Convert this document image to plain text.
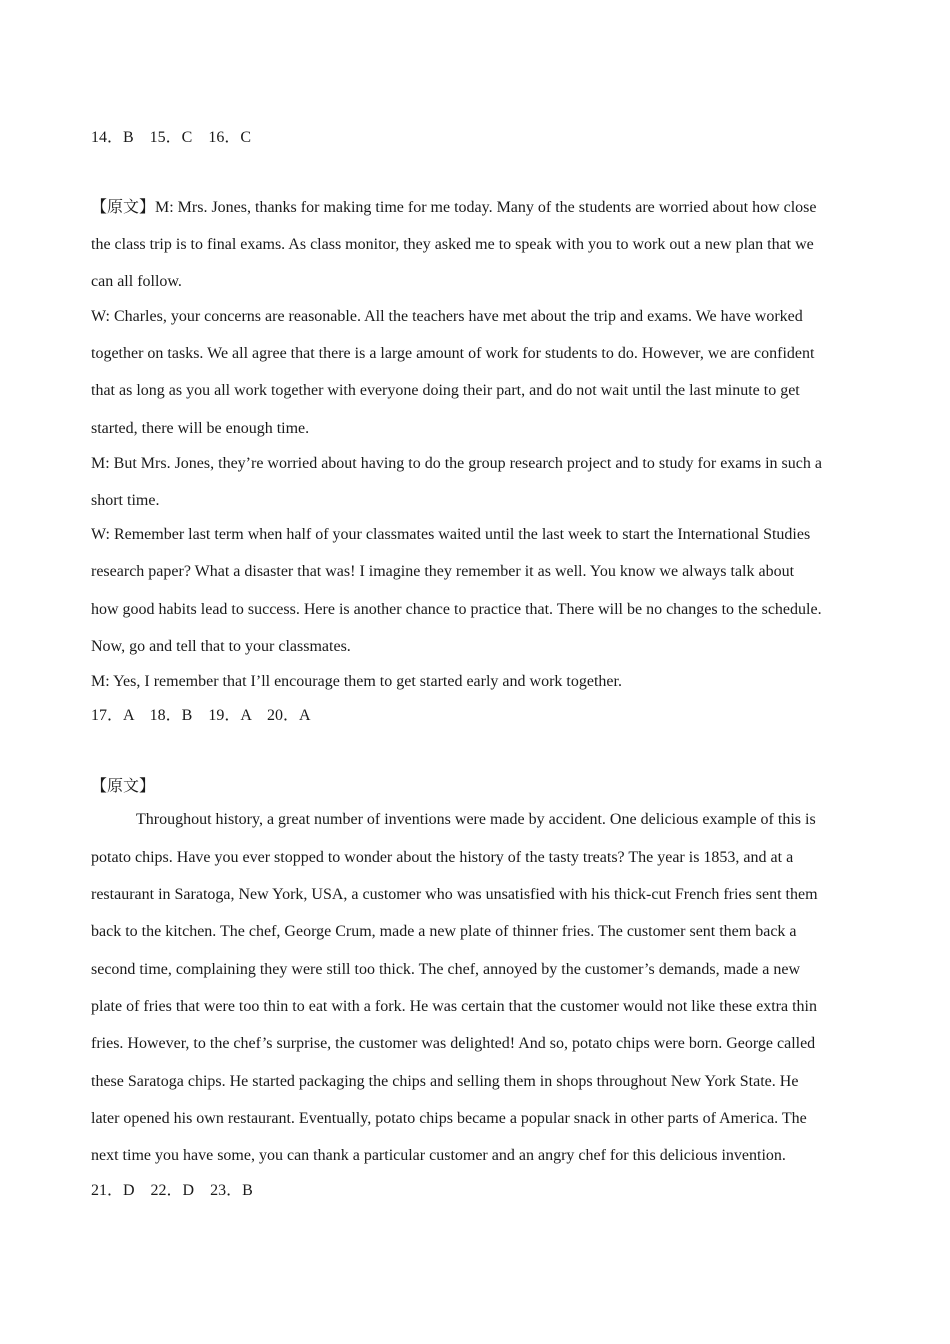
14．B　15．C　16．C

【原文】M: Mrs. Jones, thanks for making time for me today. Many of the students are worried about how close

the class trip is to final exams. As class monitor, they asked me to speak with you to work out a new plan that we

can all follow.

W: Charles, your concerns are reasonable. All the teachers have met about the trip and exams. We have worked

together on tasks. We all agree that there is a large amount of work for students to do. However, we are confident

that as long as you all work together with everyone doing their part, and do not wait until the last minute to get

started, there will be enough time.

M: But Mrs. Jones, they’re worried about having to do the group research project and to study for exams in such a

short time.

W: Remember last term when half of your classmates waited until the last week to start the International Studies

research paper? What a disaster that was! I imagine they remember it as well. You know we always talk about

how good habits lead to success. Here is another chance to practice that. There will be no changes to the schedule.

Now, go and tell that to your classmates.

M: Yes, I remember that I’ll encourage them to get started early and work together.

17．A　18．B　19．A　20．A

【原文】

Throughout history, a great number of inventions were made by accident. One delicious example of this is

potato chips. Have you ever stopped to wonder about the history of the tasty treats? The year is 1853, and at a

restaurant in Saratoga, New York, USA, a customer who was unsatisfied with his thick-cut French fries sent them

back to the kitchen. The chef, George Crum, made a new plate of thinner fries. The customer sent them back a

second time, complaining they were still too thick. The chef, annoyed by the customer’s demands, made a new

plate of fries that were too thin to eat with a fork. He was certain that the customer would not like these extra thin

fries. However, to the chef’s surprise, the customer was delighted! And so, potato chips were born. George called

these Saratoga chips. He started packaging the chips and selling them in shops throughout New York State. He

later opened his own restaurant. Eventually, potato chips became a popular snack in other parts of America. The

next time you have some, you can thank a particular customer and an angry chef for this delicious invention.

21．D　22．D　23．B
